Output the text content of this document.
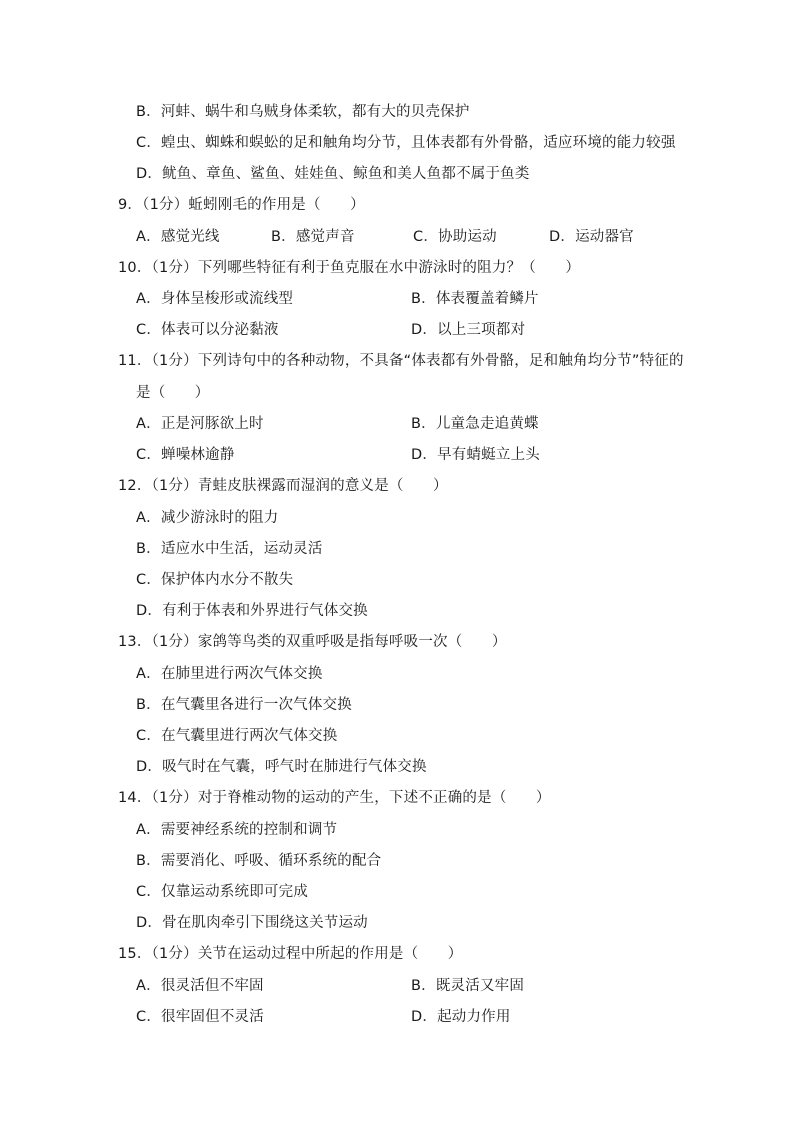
B．河蚌、蜗牛和乌贼身体柔软，都有大的贝壳保护
C．蝗虫、蜘蛛和蜈蚣的足和触角均分节，且体表都有外骨骼，适应环境的能力较强
D．鱿鱼、章鱼、鲨鱼、娃娃鱼、鲸鱼和美人鱼都不属于鱼类
9．（1分）蚯蚓刚毛的作用是（　　）
A．感觉光线	B．感觉声音	C．协助运动	D．运动器官
10．（1分）下列哪些特征有利于鱼克服在水中游泳时的阻力？（　　）
A．身体呈梭形或流线型	B．体表覆盖着鳞片
C．体表可以分泌黏液	D．以上三项都对
11．（1分）下列诗句中的各种动物，不具备“体表都有外骨骼，足和触角均分节”特征的
是（　　）
A．正是河豚欲上时	B．儿童急走追黄蝶
C．蝉噪林逾静	D．早有蜻蜓立上头
12．（1分）青蛙皮肤裸露而湿润的意义是（　　）
A．减少游泳时的阻力
B．适应水中生活，运动灵活
C．保护体内水分不散失
D．有利于体表和外界进行气体交换
13．（1分）家鸽等鸟类的双重呼吸是指每呼吸一次（　　）
A．在肺里进行两次气体交换
B．在气囊里各进行一次气体交换
C．在气囊里进行两次气体交换
D．吸气时在气囊，呼气时在肺进行气体交换
14．（1分）对于脊椎动物的运动的产生，下述不正确的是（　　）
A．需要神经系统的控制和调节
B．需要消化、呼吸、循环系统的配合
C．仅靠运动系统即可完成
D．骨在肌肉牵引下围绕这关节运动
15．（1分）关节在运动过程中所起的作用是（　　）
A．很灵活但不牢固	B．既灵活又牢固
C．很牢固但不灵活	D．起动力作用
